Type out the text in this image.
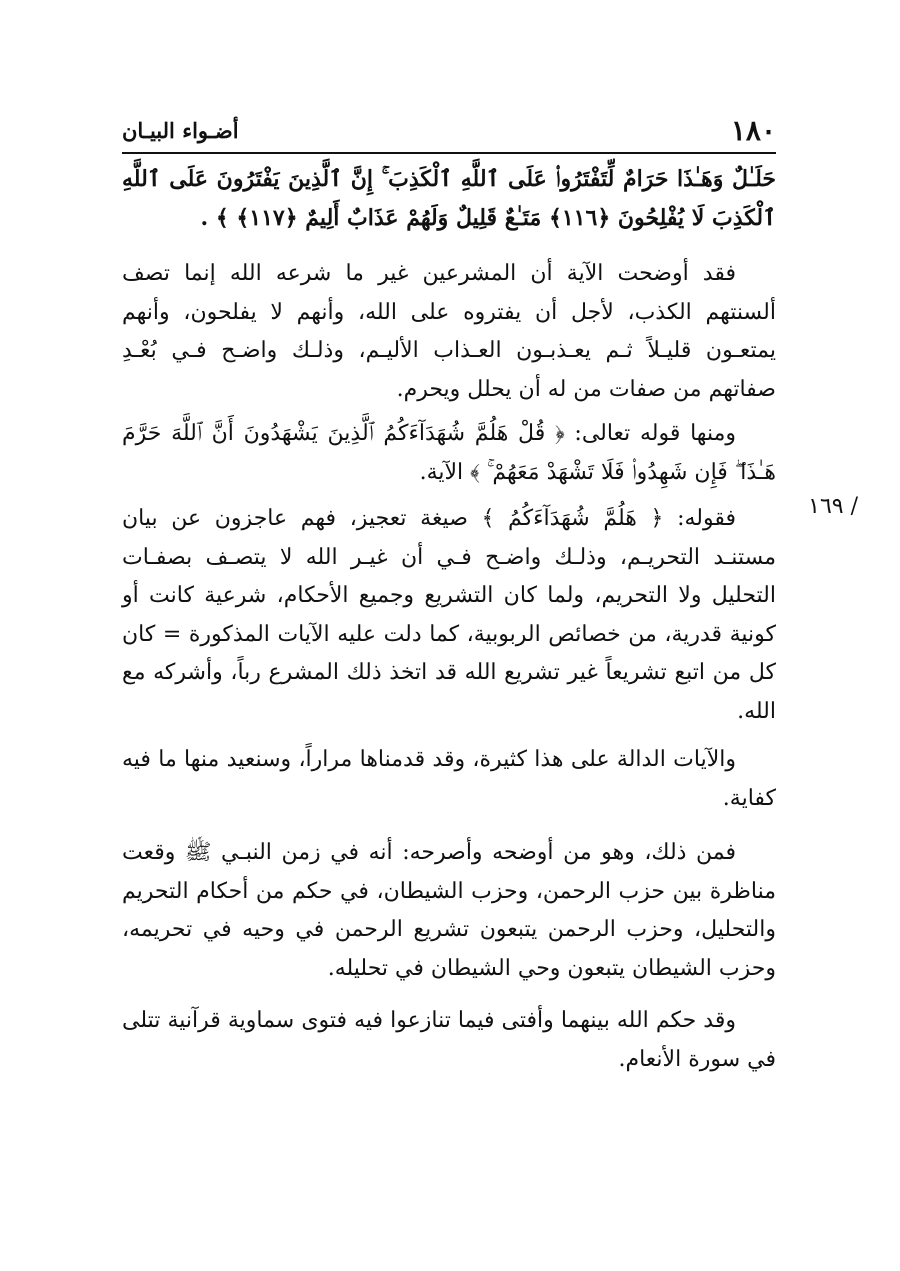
١٨٠
أضـواء البيـان
/ ١٦٩

حَلَـٰلٌ وَهَـٰذَا حَرَامٌ لِّتَفْتَرُوا۟ عَلَى ٱللَّهِ ٱلْكَذِبَ ۚ إِنَّ ٱلَّذِينَ يَفْتَرُونَ عَلَى ٱللَّهِ ٱلْكَذِبَ لَا يُفْلِحُونَ ﴿١١٦﴾ مَتَـٰعٌ قَلِيلٌ وَلَهُمْ عَذَابٌ أَلِيمٌ ﴿١١٧﴾ ﴾ .

فقد أوضحت الآية أن المشرعين غير ما شرعه الله إنما تصف ألسنتهم الكذب، لأجل أن يفتروه على الله، وأنهم لا يفلحون، وأنهم يمتعـون قليـلاً ثـم يعـذبـون العـذاب الأليـم، وذلـك واضـح فـي بُعْـدِ صفاتهم من صفات من له أن يحلل ويحرم.

ومنها قوله تعالى: ﴿ قُلْ هَلُمَّ شُهَدَآءَكُمُ ٱلَّذِينَ يَشْهَدُونَ أَنَّ ٱللَّهَ حَرَّمَ هَـٰذَا ۖ فَإِن شَهِدُوا۟ فَلَا تَشْهَدْ مَعَهُمْ ۚ ﴾ الآية.

فقوله: ﴿ هَلُمَّ شُهَدَآءَكُمُ ﴾ صيغة تعجيز، فهم عاجزون عن بيان مستنـد التحريـم، وذلـك واضـح فـي أن غيـر الله لا يتصـف بصفـات التحليل ولا التحريم، ولما كان التشريع وجميع الأحكام، شرعية كانت أو كونية قدرية، من خصائص الربوبية، كما دلت عليه الآيات المذكورة = كان كل من اتبع تشريعاً غير تشريع الله قد اتخذ ذلك المشرع رباً، وأشركه مع الله.

والآيات الدالة على هذا كثيرة، وقد قدمناها مراراً، وسنعيد منها ما فيه كفاية.

فمن ذلك، وهو من أوضحه وأصرحه: أنه في زمن النبـي ﷺ وقعت مناظرة بين حزب الرحمن، وحزب الشيطان، في حكم من أحكام التحريم والتحليل، وحزب الرحمن يتبعون تشريع الرحمن في وحيه في تحريمه، وحزب الشيطان يتبعون وحي الشيطان في تحليله.

وقد حكم الله بينهما وأفتى فيما تنازعوا فيه فتوى سماوية قرآنية تتلى في سورة الأنعام.
